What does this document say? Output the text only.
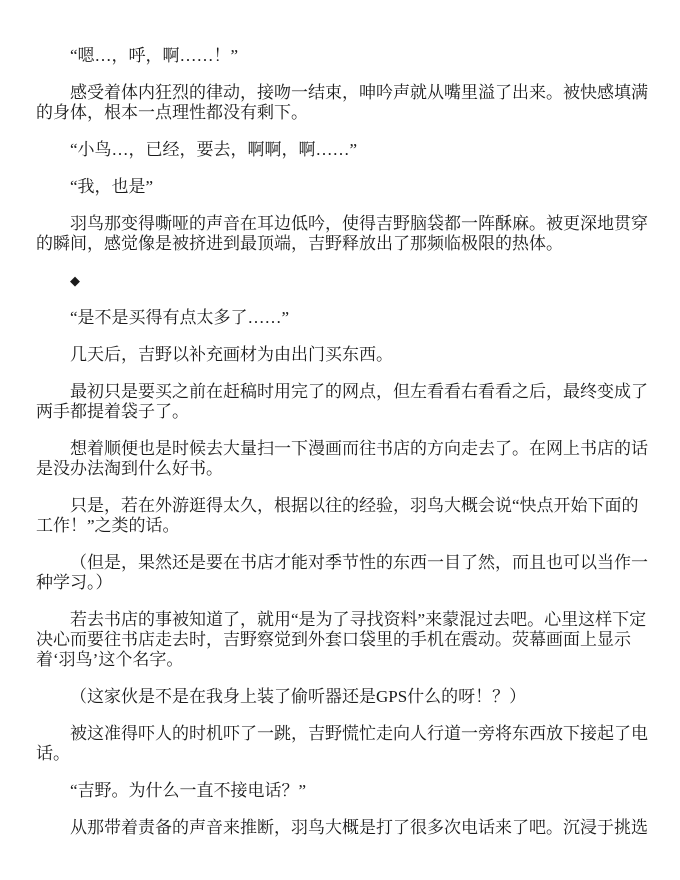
“嗯…，呼，啊……！”

感受着体内狂烈的律动，接吻一结束，呻吟声就从嘴里溢了出来。被快感填满的身体，根本一点理性都没有剩下。

“小鸟…，已经，要去，啊啊，啊……”

“我，也是”

羽鸟那变得嘶哑的声音在耳边低吟，使得吉野脑袋都一阵酥麻。被更深地贯穿的瞬间，感觉像是被挤进到最顶端，吉野释放出了那频临极限的热体。

◆

“是不是买得有点太多了……”

几天后，吉野以补充画材为由出门买东西。

最初只是要买之前在赶稿时用完了的网点，但左看看右看看之后，最终变成了两手都提着袋子了。

想着顺便也是时候去大量扫一下漫画而往书店的方向走去了。在网上书店的话是没办法淘到什么好书。

只是，若在外游逛得太久，根据以往的经验，羽鸟大概会说“快点开始下面的工作！”之类的话。

（但是，果然还是要在书店才能对季节性的东西一目了然，而且也可以当作一种学习。）

若去书店的事被知道了，就用“是为了寻找资料”来蒙混过去吧。心里这样下定决心而要往书店走去时，吉野察觉到外套口袋里的手机在震动。荧幕画面上显示着‘羽鸟’这个名字。

（这家伙是不是在我身上装了偷听器还是GPS什么的呀！？）

被这准得吓人的时机吓了一跳，吉野慌忙走向人行道一旁将东西放下接起了电话。

“吉野。为什么一直不接电话？”

从那带着责备的声音来推断，羽鸟大概是打了很多次电话来了吧。沉浸于挑选
